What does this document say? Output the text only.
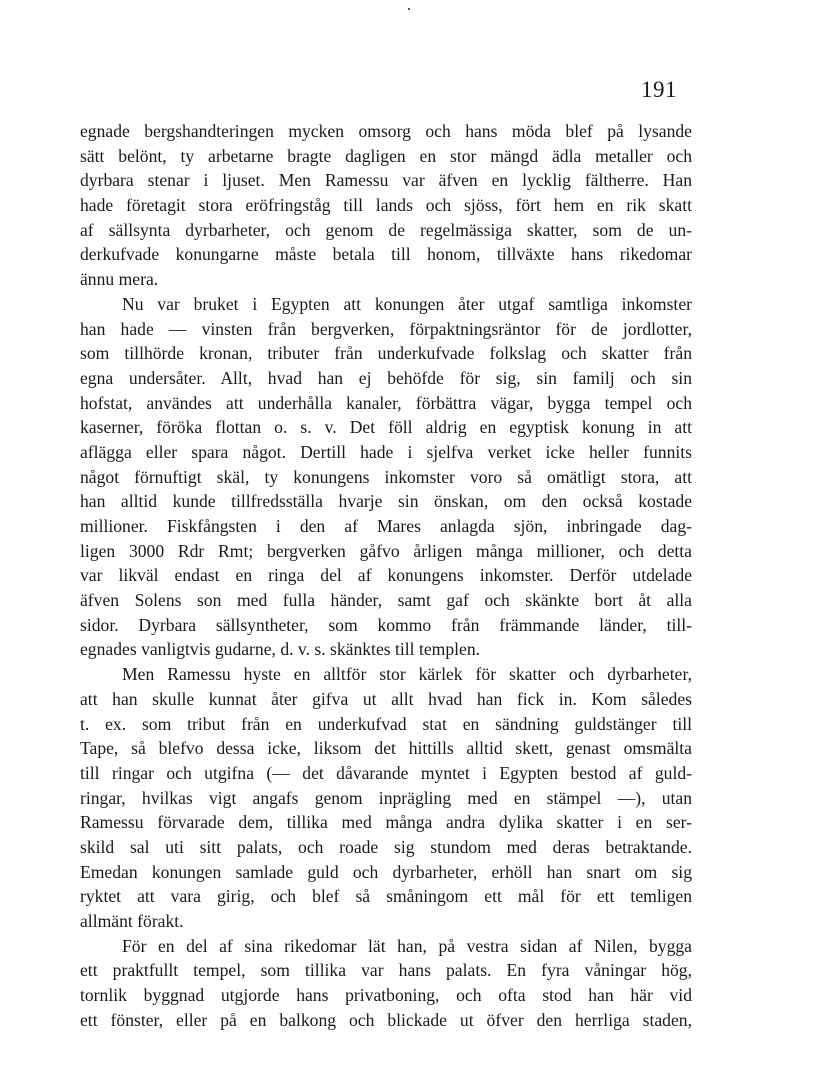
191
egnade bergshandteringen mycken omsorg och hans möda blef på lysande
sätt belönt, ty arbetarne bragte dagligen en stor mängd ädla metaller och
dyrbara stenar i ljuset. Men Ramessu var äfven en lycklig fältherre. Han
hade företagit stora eröfringståg till lands och sjöss, fört hem en rik skatt
af sällsynta dyrbarheter, och genom de regelmässiga skatter, som de un-
derkufvade konungarne måste betala till honom, tillväxte hans rikedomar
ännu mera.
Nu var bruket i Egypten att konungen åter utgaf samtliga inkomster
han hade — vinsten från bergverken, förpaktningsräntor för de jordlotter,
som tillhörde kronan, tributer från underkufvade folkslag och skatter från
egna undersåter. Allt, hvad han ej behöfde för sig, sin familj och sin
hofstat, användes att underhålla kanaler, förbättra vägar, bygga tempel och
kaserner, föröka flottan o. s. v. Det föll aldrig en egyptisk konung in att
aflägga eller spara något. Dertill hade i sjelfva verket icke heller funnits
något förnuftigt skäl, ty konungens inkomster voro så omätligt stora, att
han alltid kunde tillfredsställa hvarje sin önskan, om den också kostade
millioner. Fiskfångsten i den af Mares anlagda sjön, inbringade dag-
ligen 3000 Rdr Rmt; bergverken gåfvo årligen många millioner, och detta
var likväl endast en ringa del af konungens inkomster. Derför utdelade
äfven Solens son med fulla händer, samt gaf och skänkte bort åt alla
sidor. Dyrbara sällsyntheter, som kommo från främmande länder, till-
egnades vanligtvis gudarne, d. v. s. skänktes till templen.
Men Ramessu hyste en alltför stor kärlek för skatter och dyrbarheter,
att han skulle kunnat åter gifva ut allt hvad han fick in. Kom således
t. ex. som tribut från en underkufvad stat en sändning guldstänger till
Tape, så blefvo dessa icke, liksom det hittills alltid skett, genast omsmälta
till ringar och utgifna (— det dåvarande myntet i Egypten bestod af guld-
ringar, hvilkas vigt angafs genom inprägling med en stämpel —), utan
Ramessu förvarade dem, tillika med många andra dylika skatter i en ser-
skild sal uti sitt palats, och roade sig stundom med deras betraktande.
Emedan konungen samlade guld och dyrbarheter, erhöll han snart om sig
ryktet att vara girig, och blef så småningom ett mål för ett temligen
allmänt förakt.
För en del af sina rikedomar lät han, på vestra sidan af Nilen, bygga
ett praktfullt tempel, som tillika var hans palats. En fyra våningar hög,
tornlik byggnad utgjorde hans privatboning, och ofta stod han här vid
ett fönster, eller på en balkong och blickade ut öfver den herrliga staden,
